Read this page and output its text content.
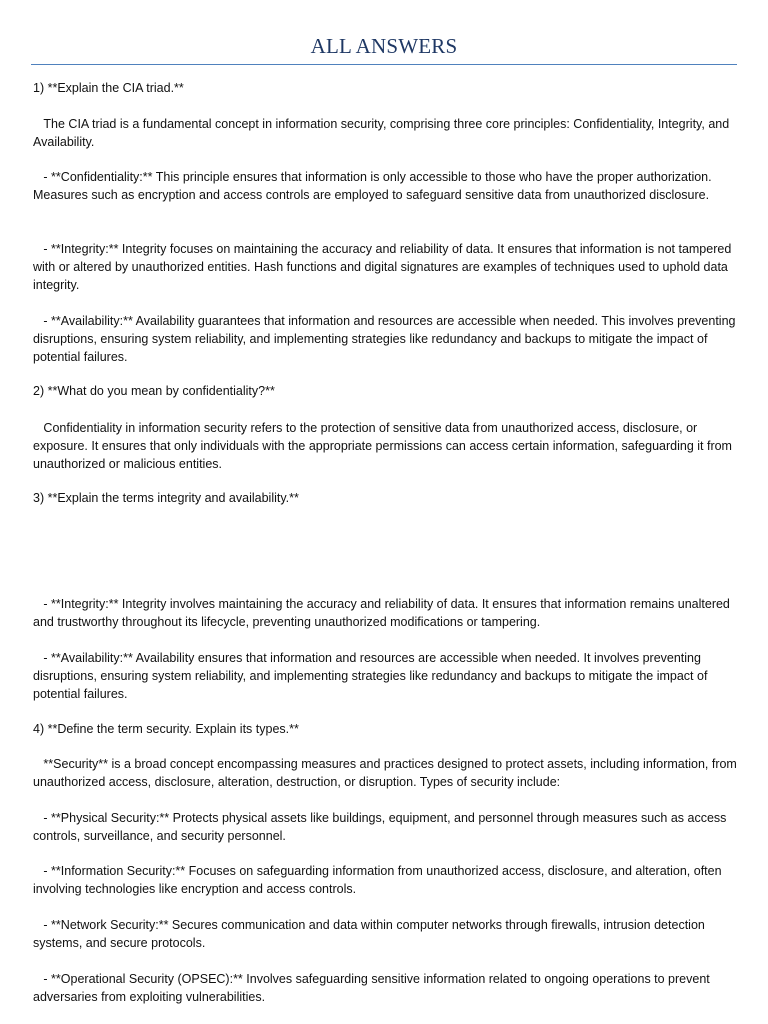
ALL ANSWERS

1) **Explain the CIA triad.**

The CIA triad is a fundamental concept in information security, comprising three core principles: Confidentiality, Integrity, and Availability.

- **Confidentiality:** This principle ensures that information is only accessible to those who have the proper authorization. Measures such as encryption and access controls are employed to safeguard sensitive data from unauthorized disclosure.

- **Integrity:** Integrity focuses on maintaining the accuracy and reliability of data. It ensures that information is not tampered with or altered by unauthorized entities. Hash functions and digital signatures are examples of techniques used to uphold data integrity.

- **Availability:** Availability guarantees that information and resources are accessible when needed. This involves preventing disruptions, ensuring system reliability, and implementing strategies like redundancy and backups to mitigate the impact of potential failures.

2) **What do you mean by confidentiality?**

Confidentiality in information security refers to the protection of sensitive data from unauthorized access, disclosure, or exposure. It ensures that only individuals with the appropriate permissions can access certain information, safeguarding it from unauthorized or malicious entities.

3) **Explain the terms integrity and availability.**

- **Integrity:** Integrity involves maintaining the accuracy and reliability of data. It ensures that information remains unaltered and trustworthy throughout its lifecycle, preventing unauthorized modifications or tampering.

- **Availability:** Availability ensures that information and resources are accessible when needed. It involves preventing disruptions, ensuring system reliability, and implementing strategies like redundancy and backups to mitigate the impact of potential failures.

4) **Define the term security. Explain its types.**

**Security** is a broad concept encompassing measures and practices designed to protect assets, including information, from unauthorized access, disclosure, alteration, destruction, or disruption. Types of security include:

- **Physical Security:** Protects physical assets like buildings, equipment, and personnel through measures such as access controls, surveillance, and security personnel.

- **Information Security:** Focuses on safeguarding information from unauthorized access, disclosure, and alteration, often involving technologies like encryption and access controls.

- **Network Security:** Secures communication and data within computer networks through firewalls, intrusion detection systems, and secure protocols.

- **Operational Security (OPSEC):** Involves safeguarding sensitive information related to ongoing operations to prevent adversaries from exploiting vulnerabilities.
